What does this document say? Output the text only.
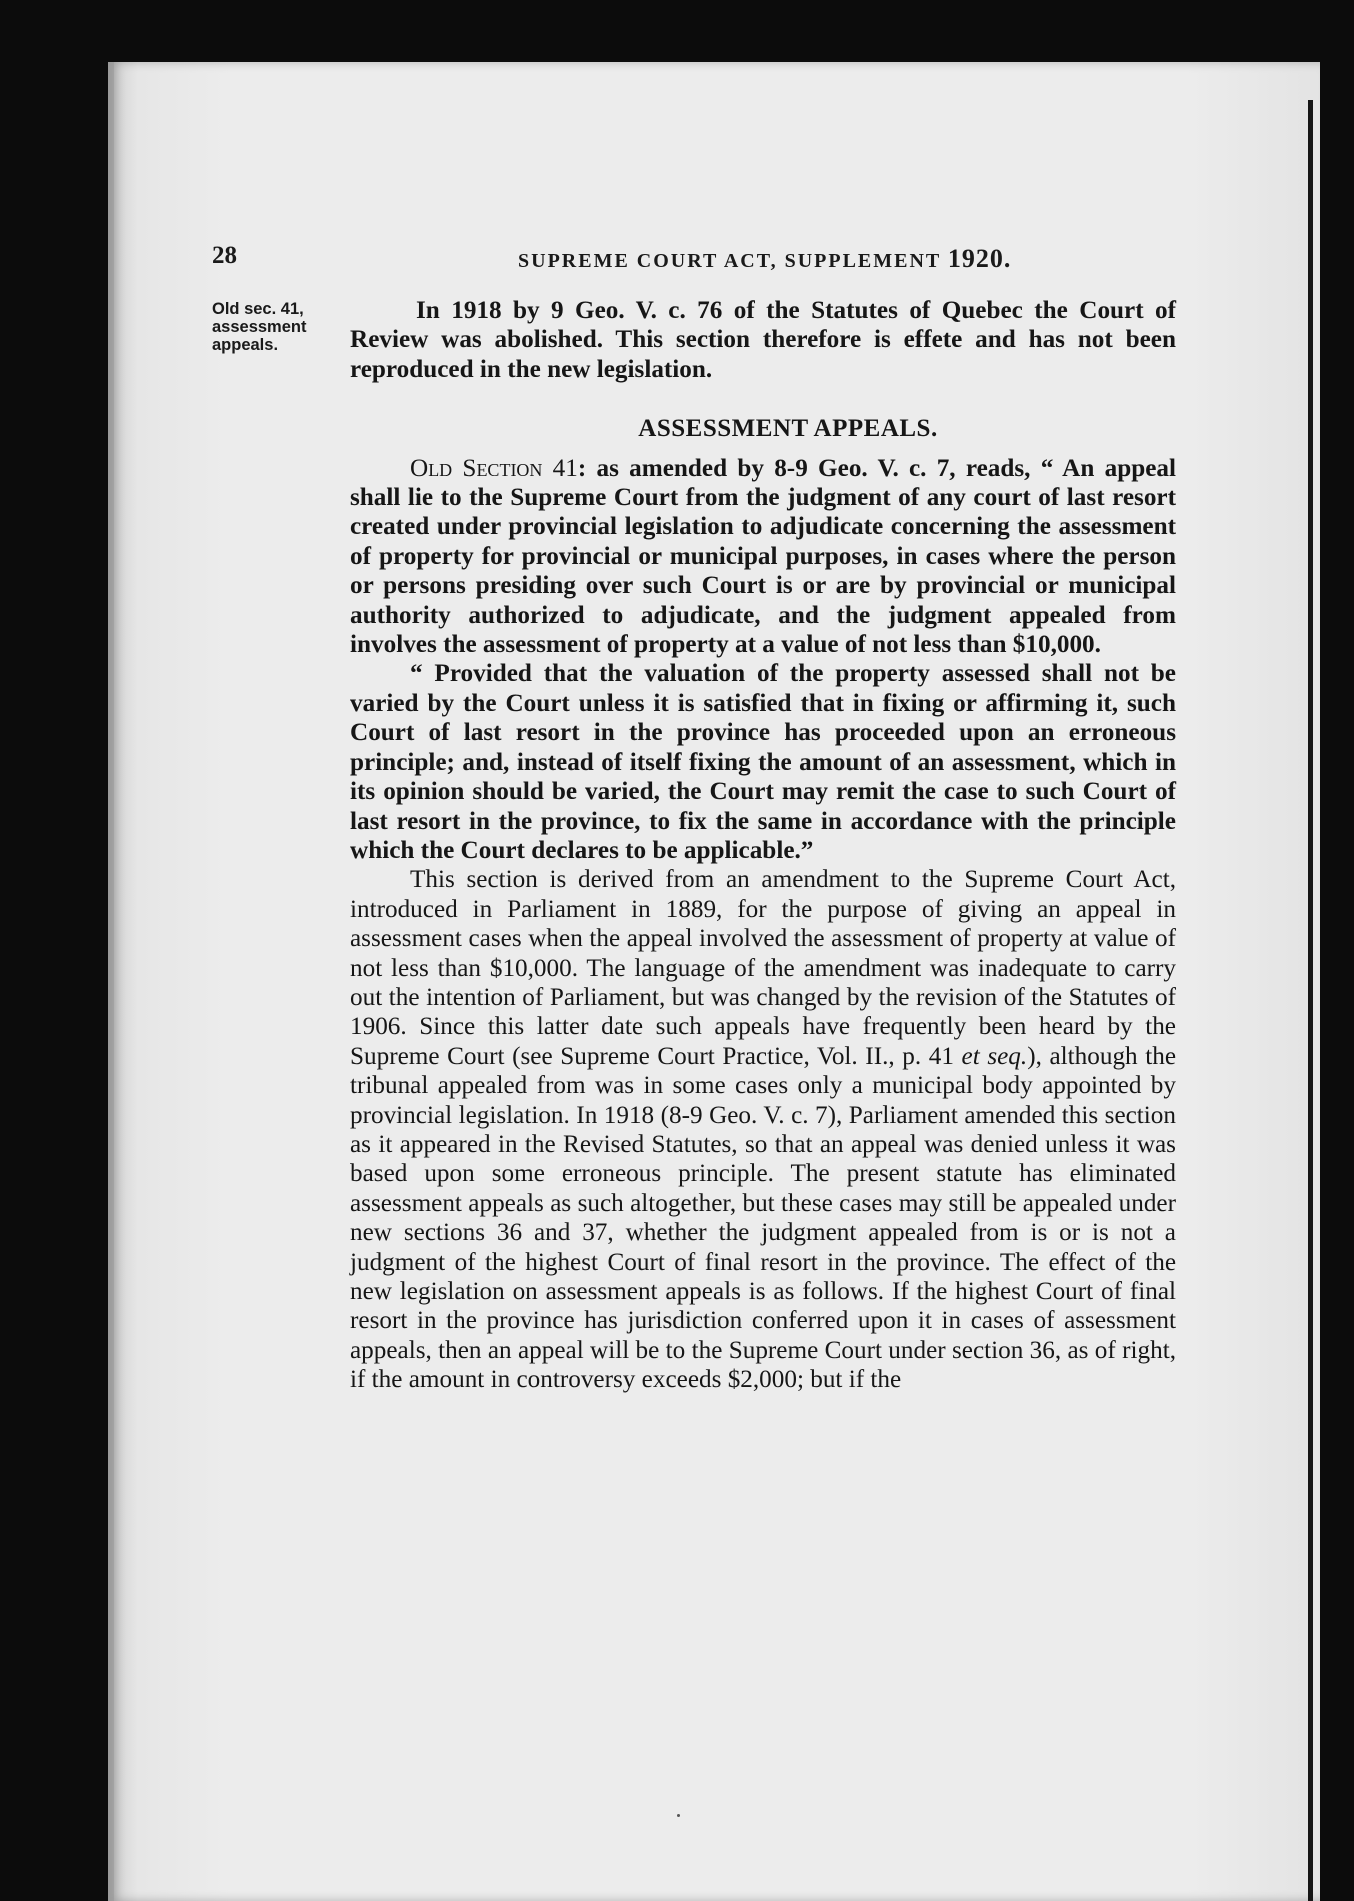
28	SUPREME COURT ACT, SUPPLEMENT 1920.
Old sec. 41,
assessment
appeals.

In 1918 by 9 Geo. V. c. 76 of the Statutes of Quebec the Court of Review was abolished. This section therefore is effete and has not been reproduced in the new legislation.

ASSESSMENT APPEALS.

Old Section 41: as amended by 8-9 Geo. V. c. 7, reads, “ An appeal shall lie to the Supreme Court from the judgment of any court of last resort created under provincial legislation to adjudicate concerning the assessment of property for provincial or municipal purposes, in cases where the person or persons presiding over such Court is or are by provincial or municipal authority authorized to adjudicate, and the judgment appealed from involves the assessment of property at a value of not less than $10,000.

“ Provided that the valuation of the property assessed shall not be varied by the Court unless it is satisfied that in fixing or affirming it, such Court of last resort in the province has proceeded upon an erroneous principle; and, instead of itself fixing the amount of an assessment, which in its opinion should be varied, the Court may remit the case to such Court of last resort in the province, to fix the same in accordance with the principle which the Court declares to be applicable.”

This section is derived from an amendment to the Supreme Court Act, introduced in Parliament in 1889, for the purpose of giving an appeal in assessment cases when the appeal involved the assessment of property at value of not less than $10,000. The language of the amendment was inadequate to carry out the intention of Parliament, but was changed by the revision of the Statutes of 1906. Since this latter date such appeals have frequently been heard by the Supreme Court (see Supreme Court Practice, Vol. II., p. 41 et seq.), although the tribunal appealed from was in some cases only a municipal body appointed by provincial legislation. In 1918 (8-9 Geo. V. c. 7), Parliament amended this section as it appeared in the Revised Statutes, so that an appeal was denied unless it was based upon some erroneous principle. The present statute has eliminated assessment appeals as such altogether, but these cases may still be appealed under new sections 36 and 37, whether the judgment appealed from is or is not a judgment of the highest Court of final resort in the province. The effect of the new legislation on assessment appeals is as follows. If the highest Court of final resort in the province has jurisdiction conferred upon it in cases of assessment appeals, then an appeal will be to the Supreme Court under section 36, as of right, if the amount in controversy exceeds $2,000; but if the
